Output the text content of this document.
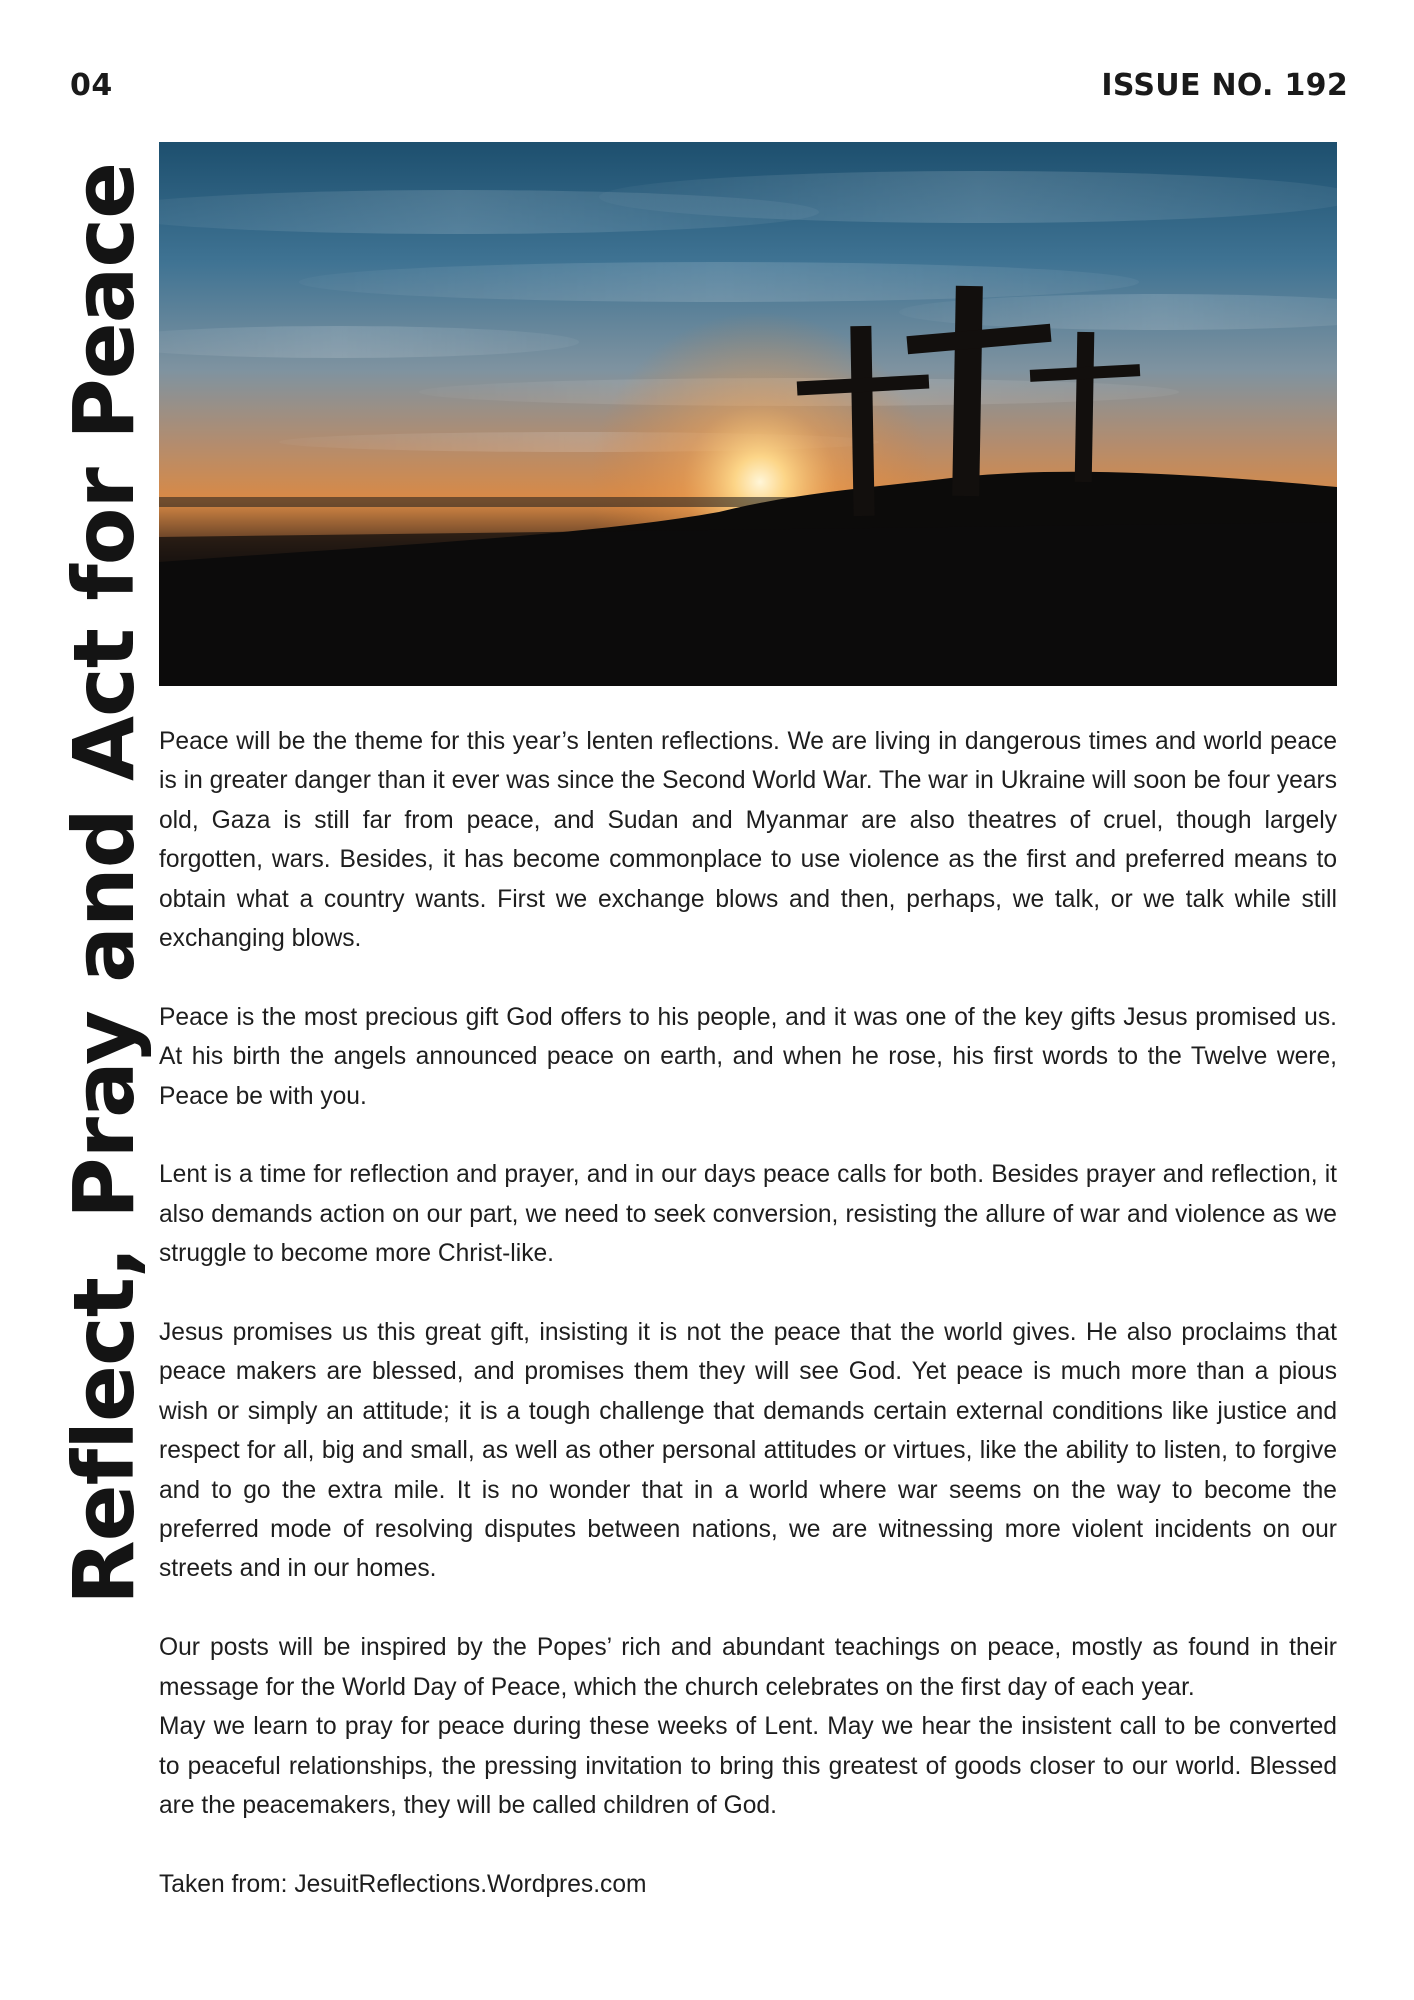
04	ISSUE NO. 192
Reflect, Pray and Act for Peace Peace will be the theme for this year’s lenten reflections. We are living in dangerous times and world peace is in greater danger than it ever was since the Second World War. The war in Ukraine will soon be four years old, Gaza is still far from peace, and Sudan and Myanmar are also theatres of cruel, though largely forgotten, wars. Besides, it has become commonplace to use violence as the first and preferred means to obtain what a country wants. First we exchange blows and then, perhaps, we talk, or we talk while still exchanging blows.

Peace is the most precious gift God offers to his people, and it was one of the key gifts Jesus promised us. At his birth the angels announced peace on earth, and when he rose, his first words to the Twelve were, Peace be with you.

Lent is a time for reflection and prayer, and in our days peace calls for both. Besides prayer and reflection, it also demands action on our part, we need to seek conversion, resisting the allure of war and violence as we struggle to become more Christ-like.

Jesus promises us this great gift, insisting it is not the peace that the world gives. He also proclaims that peace makers are blessed, and promises them they will see God. Yet peace is much more than a pious wish or simply an attitude; it is a tough challenge that demands certain external conditions like justice and respect for all, big and small, as well as other personal attitudes or virtues, like the ability to listen, to forgive and to go the extra mile. It is no wonder that in a world where war seems on the way to become the preferred mode of resolving disputes between nations, we are witnessing more violent incidents on our streets and in our homes.

Our posts will be inspired by the Popes’ rich and abundant teachings on peace, mostly as found in their message for the World Day of Peace, which the church celebrates on the first day of each year.

May we learn to pray for peace during these weeks of Lent. May we hear the insistent call to be converted to peaceful relationships, the pressing invitation to bring this greatest of goods closer to our world. Blessed are the peacemakers, they will be called children of God.

Taken from: JesuitReflections.Wordpres.com
